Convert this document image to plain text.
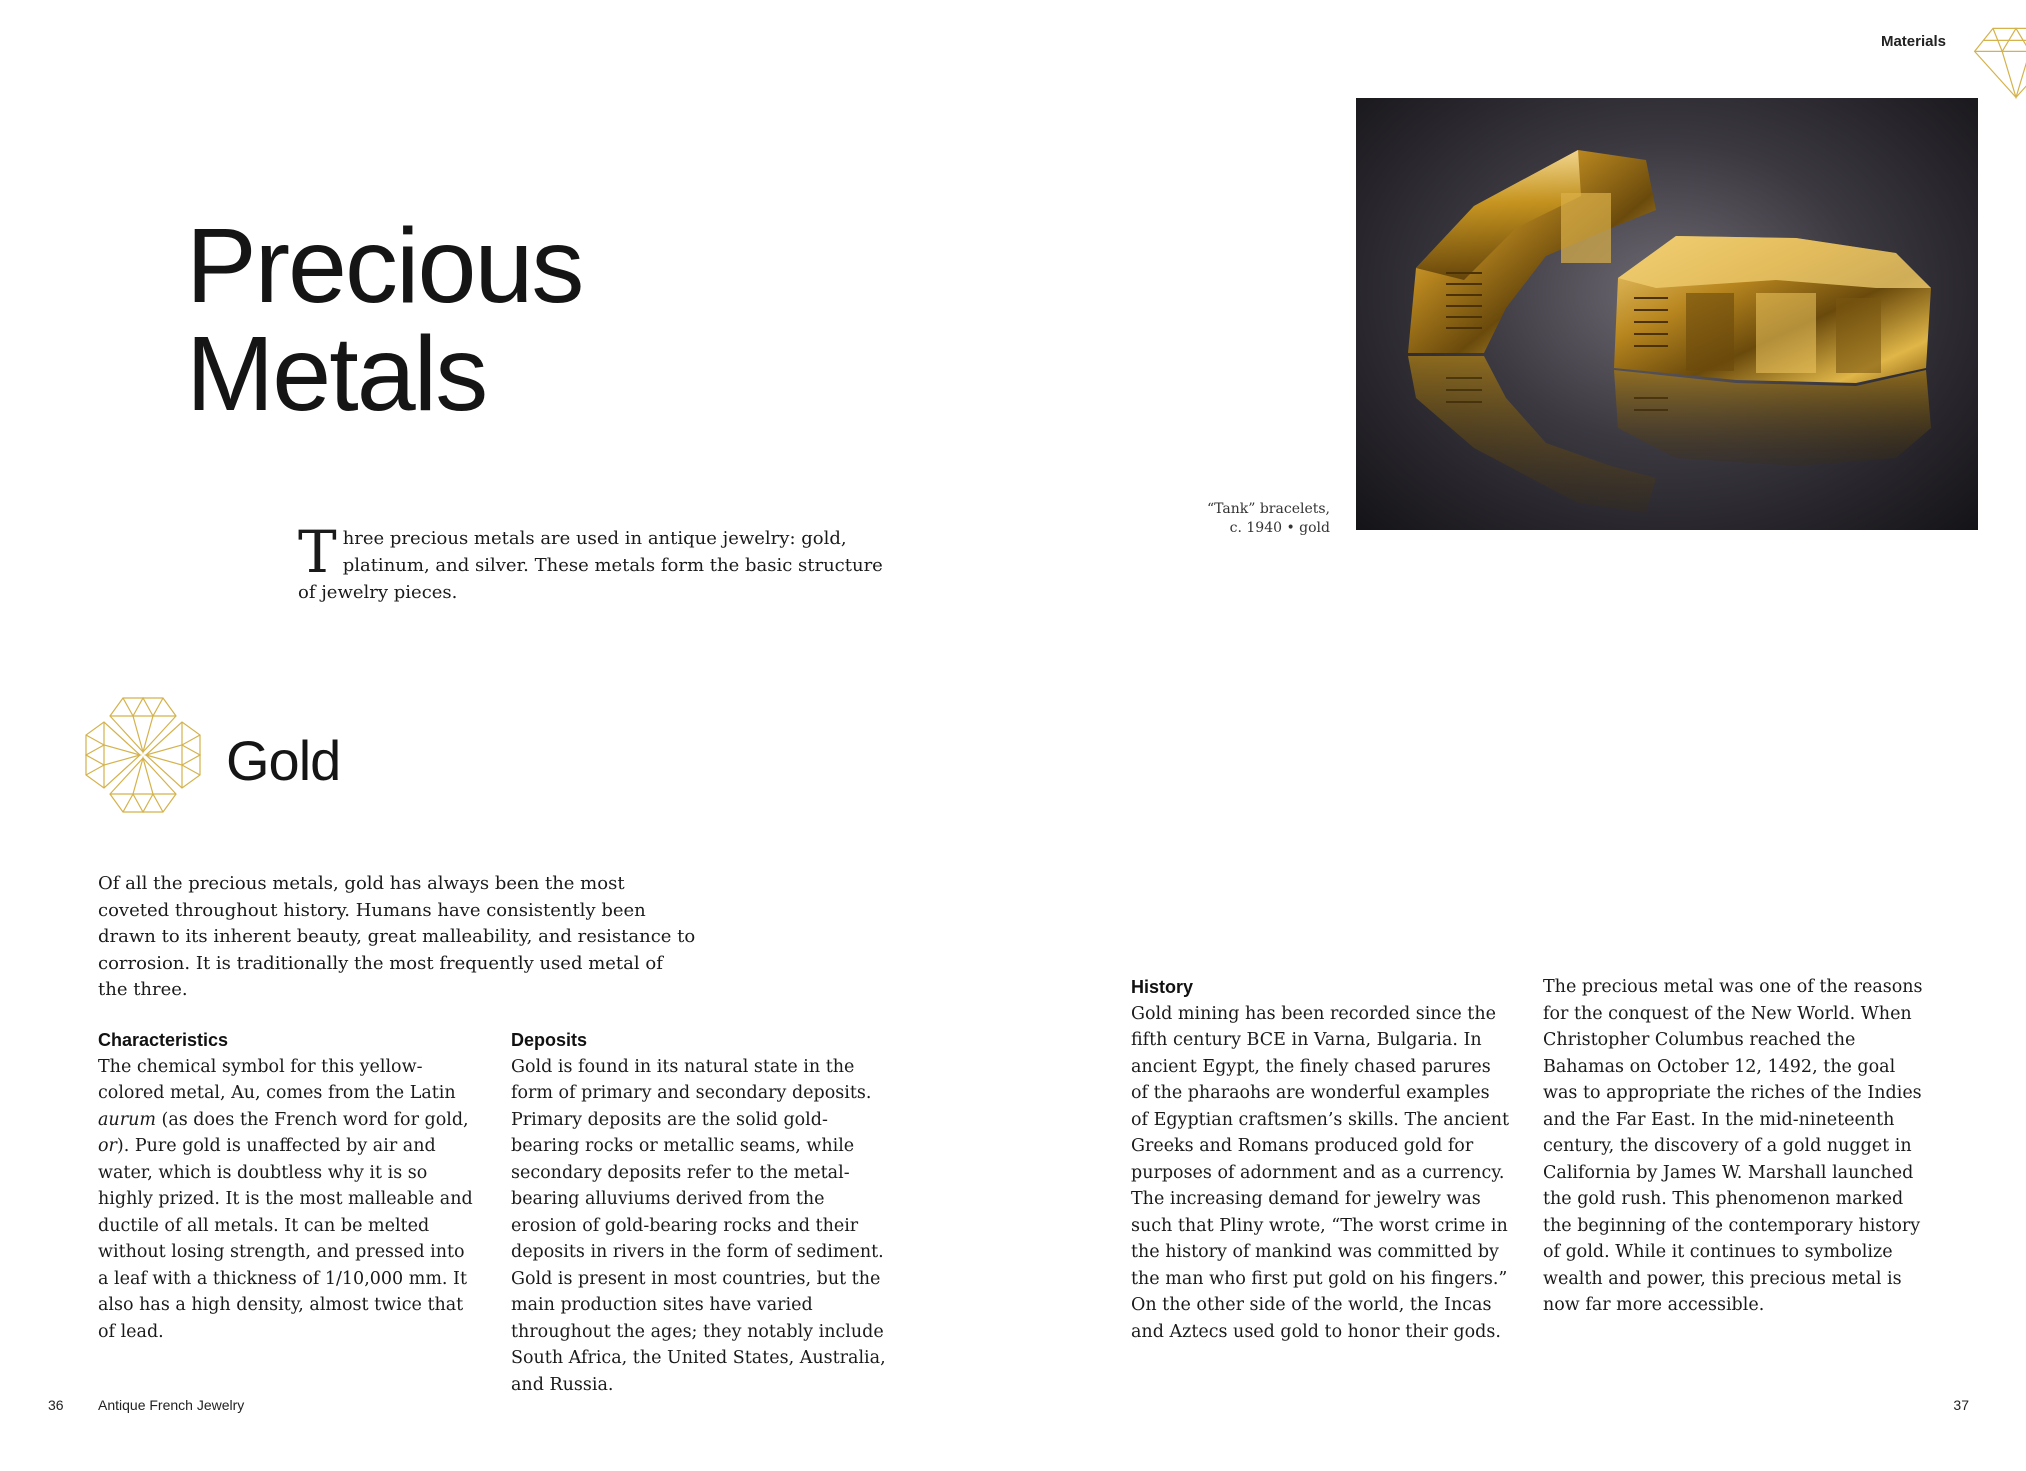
Materials
Precious
Metals

Three precious metals are used in antique jewelry: gold, platinum, and silver. These metals form the basic structure of jewelry pieces.

“Tank” bracelets,
c. 1940 • gold
Gold

Of all the precious metals, gold has always been the most coveted throughout history. Humans have consistently been drawn to its inherent beauty, great malleability, and resistance to corrosion. It is traditionally the most frequently used metal of the three.

Characteristics

The chemical symbol for this yellow-colored metal, Au, comes from the Latin aurum (as does the French word for gold, or). Pure gold is unaffected by air and water, which is doubtless why it is so highly prized. It is the most malleable and ductile of all metals. It can be melted without losing strength, and pressed into a leaf with a thickness of 1/10,000 mm. It also has a high density, almost twice that of lead.

Deposits

Gold is found in its natural state in the form of primary and secondary deposits. Primary deposits are the solid gold-bearing rocks or metallic seams, while secondary deposits refer to the metal-bearing alluviums derived from the erosion of gold-bearing rocks and their deposits in rivers in the form of sediment. Gold is present in most countries, but the main production sites have varied throughout the ages; they notably include South Africa, the United States, Australia, and Russia.

History

Gold mining has been recorded since the fifth century BCE in Varna, Bulgaria. In ancient Egypt, the finely chased parures of the pharaohs are wonderful examples of Egyptian craftsmen’s skills. The ancient Greeks and Romans produced gold for purposes of adornment and as a currency. The increasing demand for jewelry was such that Pliny wrote, “The worst crime in the history of mankind was committed by the man who first put gold on his fingers.” On the other side of the world, the Incas and Aztecs used gold to honor their gods.

The precious metal was one of the reasons for the conquest of the New World. When Christopher Columbus reached the Bahamas on October 12, 1492, the goal was to appropriate the riches of the Indies and the Far East. In the mid-nineteenth century, the discovery of a gold nugget in California by James W. Marshall launched the gold rush. This phenomenon marked the beginning of the contemporary history of gold. While it continues to symbolize wealth and power, this precious metal is now far more accessible.

36 Antique French Jewelry	37
